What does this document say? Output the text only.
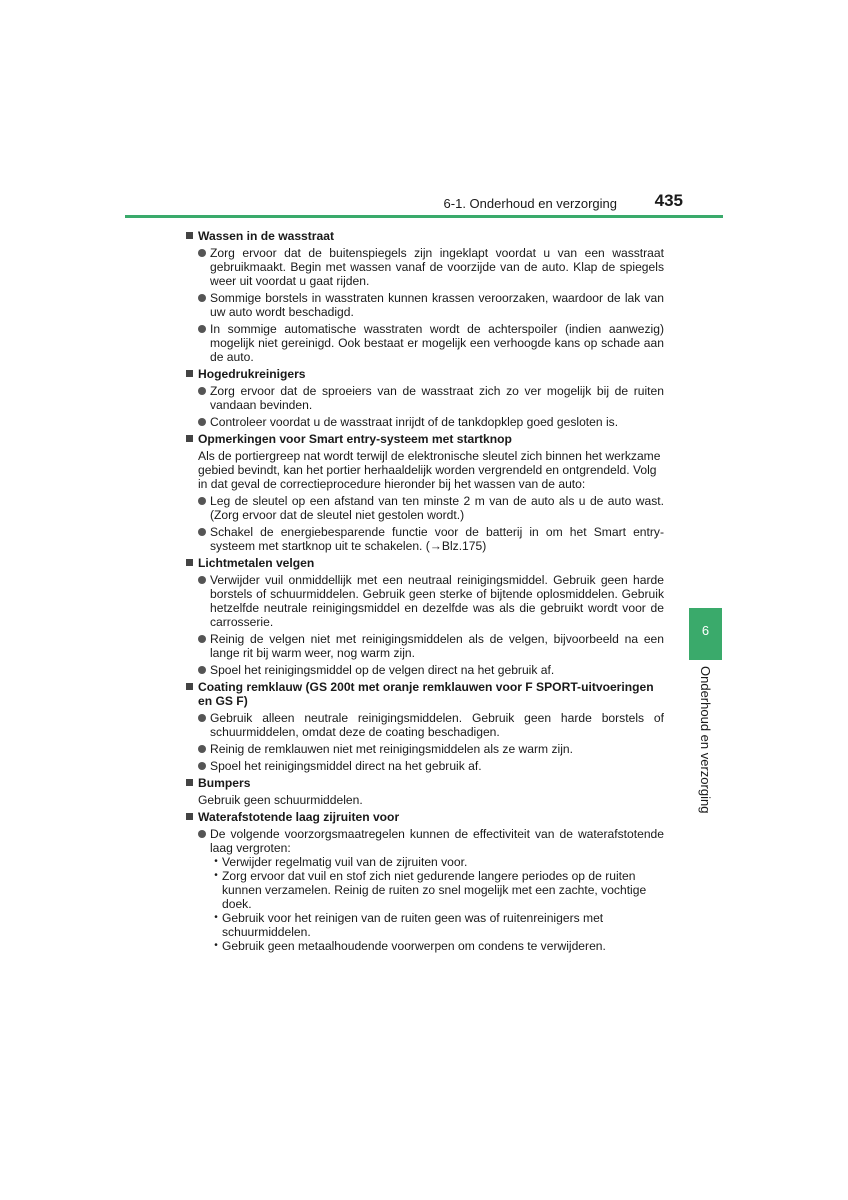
6-1. Onderhoud en verzorging 435
6
Onderhoud en verzorging
Wassen in de wasstraat
Zorg ervoor dat de buitenspiegels zijn ingeklapt voordat u van een wasstraat gebruikmaakt. Begin met wassen vanaf de voorzijde van de auto. Klap de spiegels weer uit voordat u gaat rijden.
Sommige borstels in wasstraten kunnen krassen veroorzaken, waardoor de lak van uw auto wordt beschadigd.
In sommige automatische wasstraten wordt de achterspoiler (indien aanwezig) mogelijk niet gereinigd. Ook bestaat er mogelijk een verhoogde kans op schade aan de auto.
Hogedrukreinigers
Zorg ervoor dat de sproeiers van de wasstraat zich zo ver mogelijk bij de ruiten vandaan bevinden.
Controleer voordat u de wasstraat inrijdt of de tankdopklep goed gesloten is.
Opmerkingen voor Smart entry-systeem met startknop
Als de portiergreep nat wordt terwijl de elektronische sleutel zich binnen het werkzame gebied bevindt, kan het portier herhaaldelijk worden vergrendeld en ontgrendeld. Volg in dat geval de correctieprocedure hieronder bij het wassen van de auto:
Leg de sleutel op een afstand van ten minste 2 m van de auto als u de auto wast. (Zorg ervoor dat de sleutel niet gestolen wordt.)
Schakel de energiebesparende functie voor de batterij in om het Smart entry-systeem met startknop uit te schakelen. (→Blz.175)
Lichtmetalen velgen
Verwijder vuil onmiddellijk met een neutraal reinigingsmiddel. Gebruik geen harde borstels of schuurmiddelen. Gebruik geen sterke of bijtende oplosmiddelen. Gebruik hetzelfde neutrale reinigingsmiddel en dezelfde was als die gebruikt wordt voor de carrosserie.
Reinig de velgen niet met reinigingsmiddelen als de velgen, bijvoorbeeld na een lange rit bij warm weer, nog warm zijn.
Spoel het reinigingsmiddel op de velgen direct na het gebruik af.
Coating remklauw (GS 200t met oranje remklauwen voor F SPORT-uitvoeringen en GS F)
Gebruik alleen neutrale reinigingsmiddelen. Gebruik geen harde borstels of schuurmiddelen, omdat deze de coating beschadigen.
Reinig de remklauwen niet met reinigingsmiddelen als ze warm zijn.
Spoel het reinigingsmiddel direct na het gebruik af.
Bumpers
Gebruik geen schuurmiddelen.
Waterafstotende laag zijruiten voor
De volgende voorzorgsmaatregelen kunnen de effectiviteit van de waterafstotende laag vergroten:
• Verwijder regelmatig vuil van de zijruiten voor.
• Zorg ervoor dat vuil en stof zich niet gedurende langere periodes op de ruiten kunnen verzamelen. Reinig de ruiten zo snel mogelijk met een zachte, vochtige doek.
• Gebruik voor het reinigen van de ruiten geen was of ruitenreinigers met schuurmiddelen.
• Gebruik geen metaalhoudende voorwerpen om condens te verwijderen.
